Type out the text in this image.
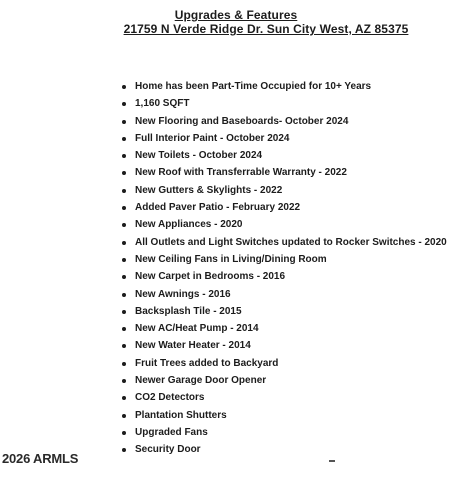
Upgrades & Features
21759 N Verde Ridge Dr. Sun City West, AZ 85375
Home has been Part-Time Occupied for 10+ Years
1,160 SQFT
New Flooring and Baseboards- October 2024
Full Interior Paint - October 2024
New Toilets - October 2024
New Roof with Transferrable Warranty - 2022
New Gutters & Skylights - 2022
Added Paver Patio - February 2022
New Appliances - 2020
All Outlets and Light Switches updated to Rocker Switches - 2020
New Ceiling Fans in Living/Dining Room
New Carpet in Bedrooms - 2016
New Awnings - 2016
Backsplash Tile - 2015
New AC/Heat Pump - 2014
New Water Heater - 2014
Fruit Trees added to Backyard
Newer Garage Door Opener
CO2 Detectors
Plantation Shutters
Upgraded Fans
Security Door
2026 ARMLS
